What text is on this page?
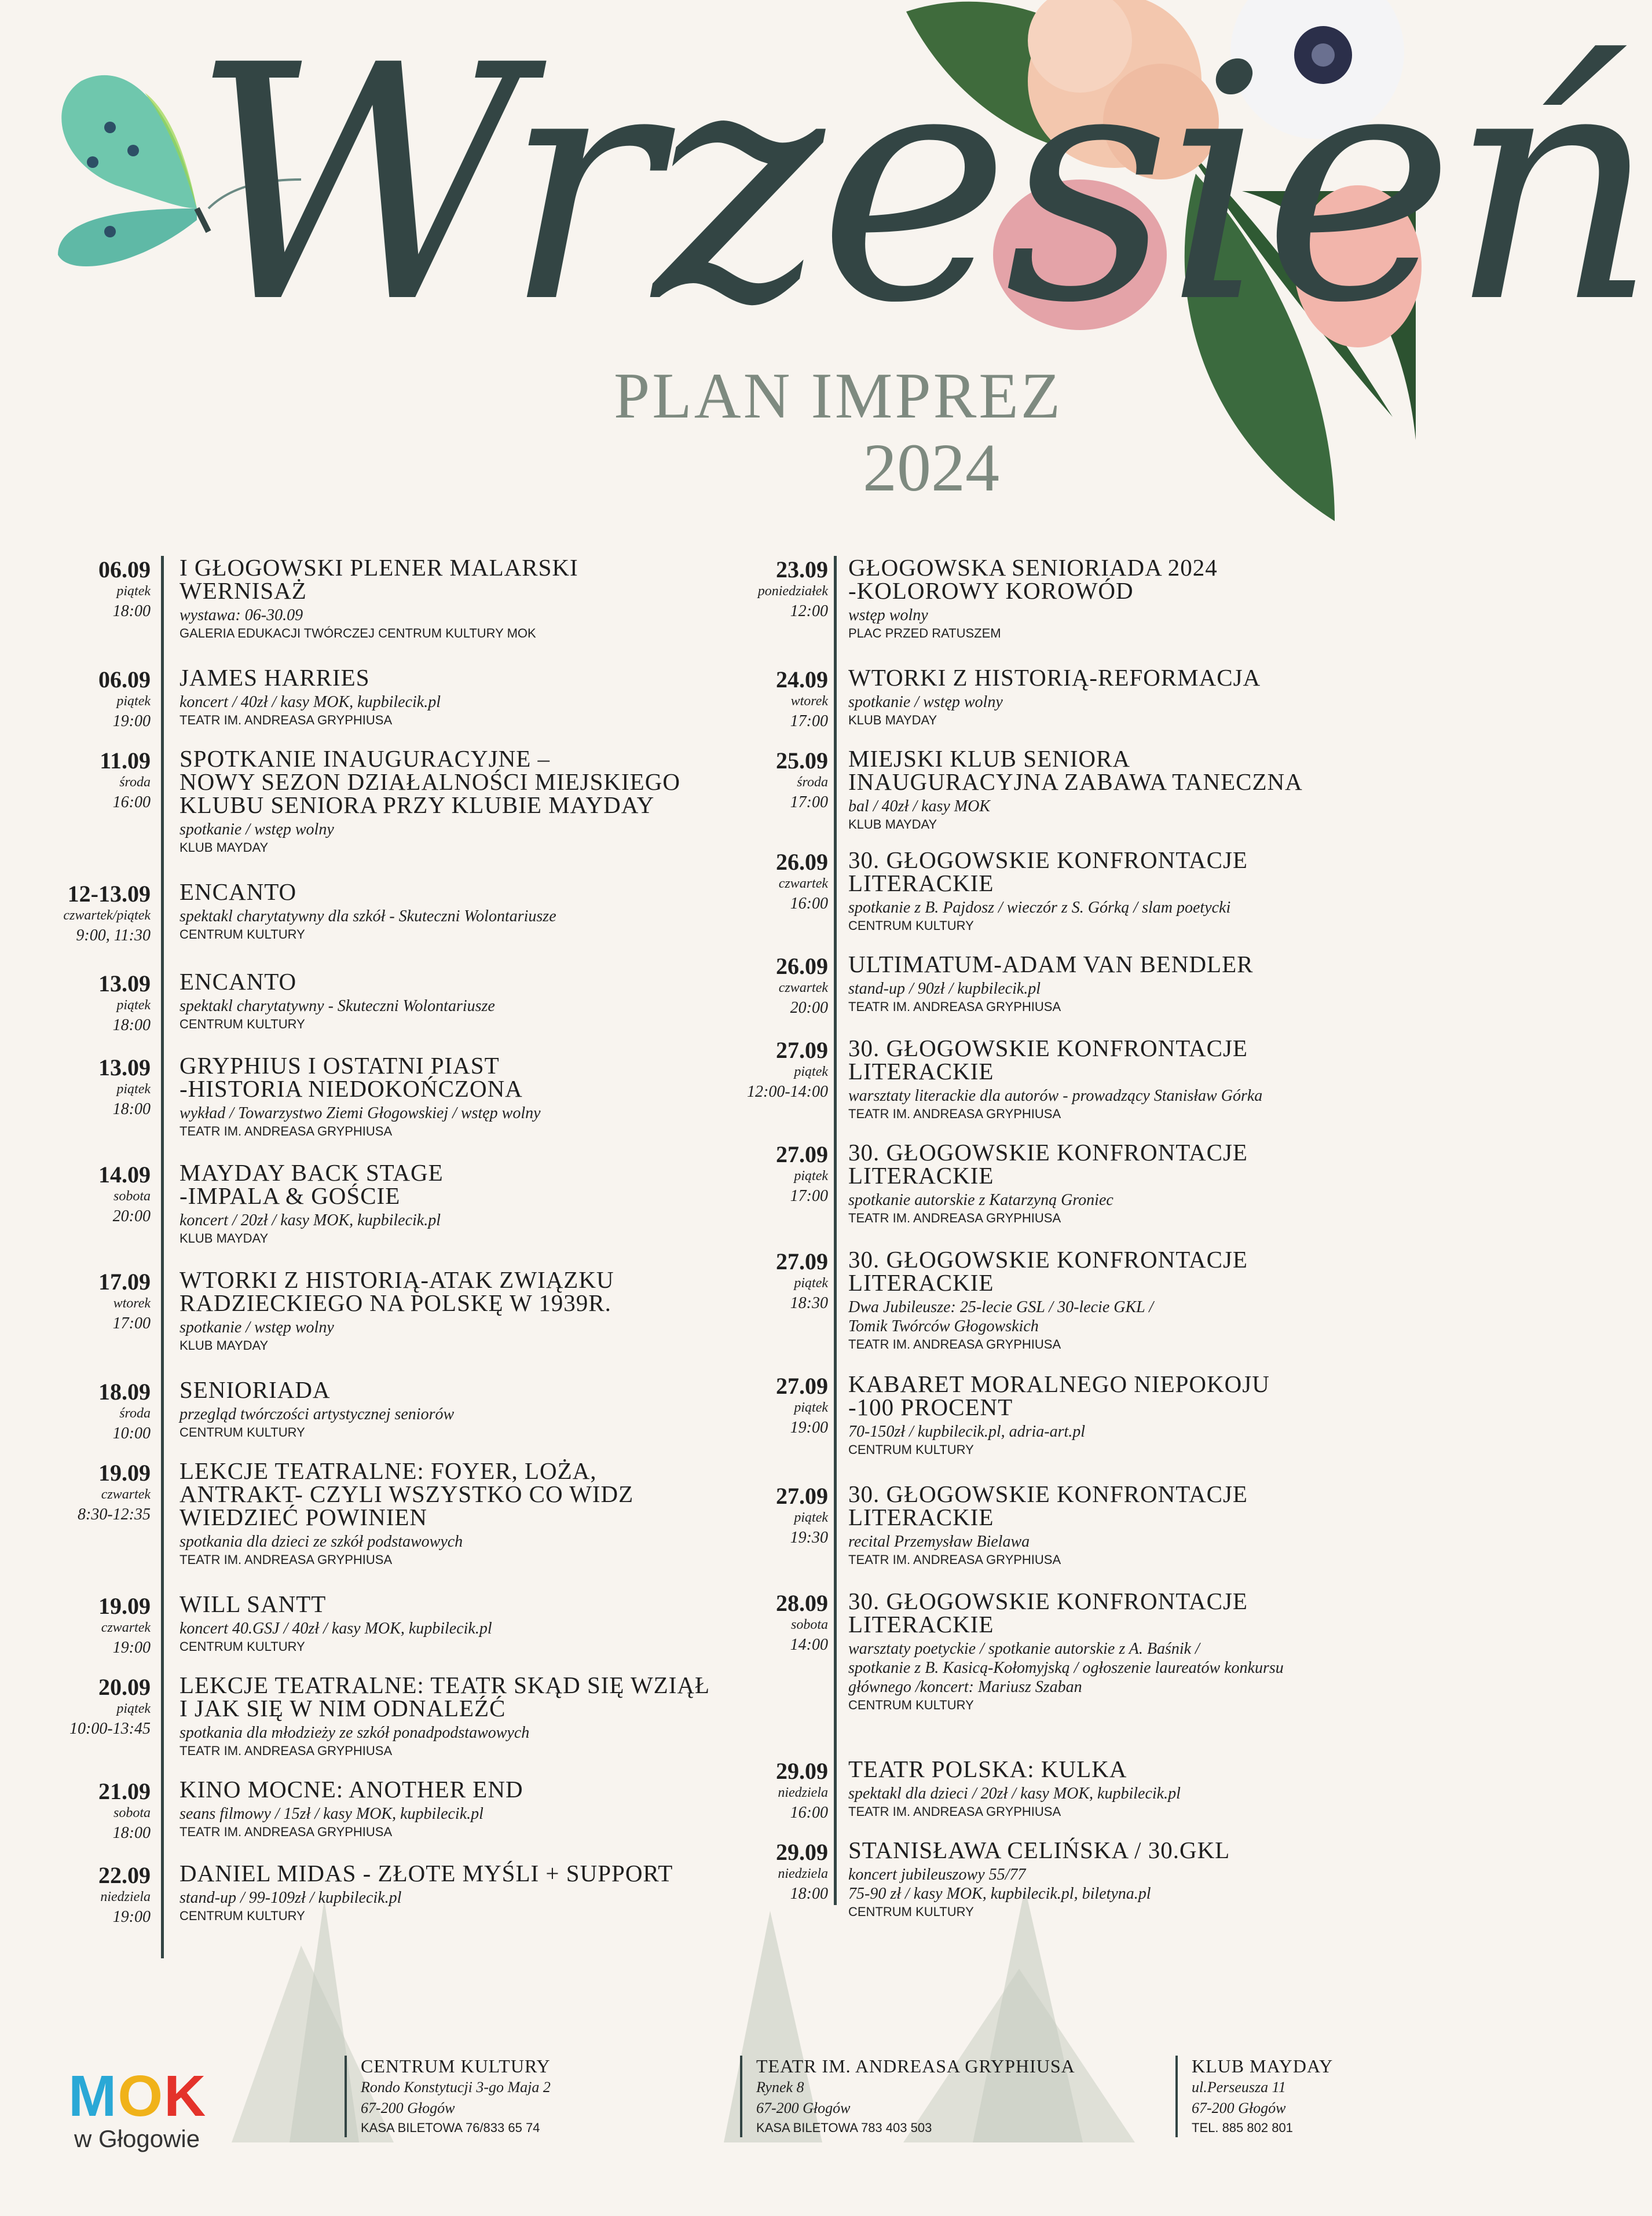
Wrzesień
PLAN IMPREZ
2024
06.09
piątek
18:00
I GŁOGOWSKI PLENER MALARSKI
WERNISAŻ
wystawa: 06-30.09
GALERIA EDUKACJI TWÓRCZEJ CENTRUM KULTURY MOK
06.09
piątek
19:00
JAMES HARRIES
koncert / 40zł / kasy MOK, kupbilecik.pl
TEATR IM. ANDREASA GRYPHIUSA
11.09
środa
16:00
SPOTKANIE INAUGURACYJNE –
NOWY SEZON DZIAŁALNOŚCI MIEJSKIEGO
KLUBU SENIORA PRZY KLUBIE MAYDAY
spotkanie / wstęp wolny
KLUB MAYDAY
12-13.09
czwartek/piątek
9:00, 11:30
ENCANTO
spektakl charytatywny dla szkół - Skuteczni Wolontariusze
CENTRUM KULTURY
13.09
piątek
18:00
ENCANTO
spektakl charytatywny - Skuteczni Wolontariusze
CENTRUM KULTURY
13.09
piątek
18:00
GRYPHIUS I OSTATNI PIAST
-HISTORIA NIEDOKOŃCZONA
wykład / Towarzystwo Ziemi Głogowskiej / wstęp wolny
TEATR IM. ANDREASA GRYPHIUSA
14.09
sobota
20:00
MAYDAY BACK STAGE
-IMPALA & GOŚCIE
koncert / 20zł / kasy MOK, kupbilecik.pl
KLUB MAYDAY
17.09
wtorek
17:00
WTORKI Z HISTORIĄ-ATAK ZWIĄZKU
RADZIECKIEGO NA POLSKĘ W 1939R.
spotkanie / wstęp wolny
KLUB MAYDAY
18.09
środa
10:00
SENIORIADA
przegląd twórczości artystycznej seniorów
CENTRUM KULTURY
19.09
czwartek
8:30-12:35
LEKCJE TEATRALNE: FOYER, LOŻA,
ANTRAKT- CZYLI WSZYSTKO CO WIDZ
WIEDZIEĆ POWINIEN
spotkania dla dzieci ze szkół podstawowych
TEATR IM. ANDREASA GRYPHIUSA
19.09
czwartek
19:00
WILL SANTT
koncert 40.GSJ / 40zł / kasy MOK, kupbilecik.pl
CENTRUM KULTURY
20.09
piątek
10:00-13:45
LEKCJE TEATRALNE: TEATR SKĄD SIĘ WZIĄŁ
I JAK SIĘ W NIM ODNALEŹĆ
spotkania dla młodzieży ze szkół ponadpodstawowych
TEATR IM. ANDREASA GRYPHIUSA
21.09
sobota
18:00
KINO MOCNE: ANOTHER END
seans filmowy / 15zł / kasy MOK, kupbilecik.pl
TEATR IM. ANDREASA GRYPHIUSA
22.09
niedziela
19:00
DANIEL MIDAS - ZŁOTE MYŚLI + SUPPORT
stand-up / 99-109zł / kupbilecik.pl
CENTRUM KULTURY
23.09
poniedziałek
12:00
GŁOGOWSKA SENIORIADA 2024
-KOLOROWY KOROWÓD
wstęp wolny
PLAC PRZED RATUSZEM
24.09
wtorek
17:00
WTORKI Z HISTORIĄ-REFORMACJA
spotkanie / wstęp wolny
KLUB MAYDAY
25.09
środa
17:00
MIEJSKI KLUB SENIORA
INAUGURACYJNA ZABAWA TANECZNA
bal / 40zł / kasy MOK
KLUB MAYDAY
26.09
czwartek
16:00
30. GŁOGOWSKIE KONFRONTACJE
LITERACKIE
spotkanie z B. Pajdosz / wieczór z S. Górką / slam poetycki
CENTRUM KULTURY
26.09
czwartek
20:00
ULTIMATUM-ADAM VAN BENDLER
stand-up / 90zł / kupbilecik.pl
TEATR IM. ANDREASA GRYPHIUSA
27.09
piątek
12:00-14:00
30. GŁOGOWSKIE KONFRONTACJE
LITERACKIE
warsztaty literackie dla autorów - prowadzący Stanisław Górka
TEATR IM. ANDREASA GRYPHIUSA
27.09
piątek
17:00
30. GŁOGOWSKIE KONFRONTACJE
LITERACKIE
spotkanie autorskie z Katarzyną Groniec
TEATR IM. ANDREASA GRYPHIUSA
27.09
piątek
18:30
30. GŁOGOWSKIE KONFRONTACJE
LITERACKIE
Dwa Jubileusze: 25-lecie GSL / 30-lecie GKL /
Tomik Twórców Głogowskich
TEATR IM. ANDREASA GRYPHIUSA
27.09
piątek
19:00
KABARET MORALNEGO NIEPOKOJU
-100 PROCENT
70-150zł / kupbilecik.pl, adria-art.pl
CENTRUM KULTURY
27.09
piątek
19:30
30. GŁOGOWSKIE KONFRONTACJE
LITERACKIE
recital Przemysław Bielawa
TEATR IM. ANDREASA GRYPHIUSA
28.09
sobota
14:00
30. GŁOGOWSKIE KONFRONTACJE
LITERACKIE
warsztaty poetyckie / spotkanie autorskie z A. Baśnik /
spotkanie z B. Kasicą-Kołomyjską / ogłoszenie laureatów konkursu
głównego /koncert: Mariusz Szaban
CENTRUM KULTURY
29.09
niedziela
16:00
TEATR POLSKA: KULKA
spektakl dla dzieci / 20zł / kasy MOK, kupbilecik.pl
TEATR IM. ANDREASA GRYPHIUSA
29.09
niedziela
18:00
STANISŁAWA CELIŃSKA / 30.GKL
koncert jubileuszowy 55/77
75-90 zł / kasy MOK, kupbilecik.pl, biletyna.pl
CENTRUM KULTURY
MOK
w Głogowie
CENTRUM KULTURY
Rondo Konstytucji 3-go Maja 2
67-200 Głogów
KASA BILETOWA 76/833 65 74
TEATR IM. ANDREASA GRYPHIUSA
Rynek 8
67-200 Głogów
KASA BILETOWA 783 403 503
KLUB MAYDAY
ul.Perseusza 11
67-200 Głogów
TEL. 885 802 801
